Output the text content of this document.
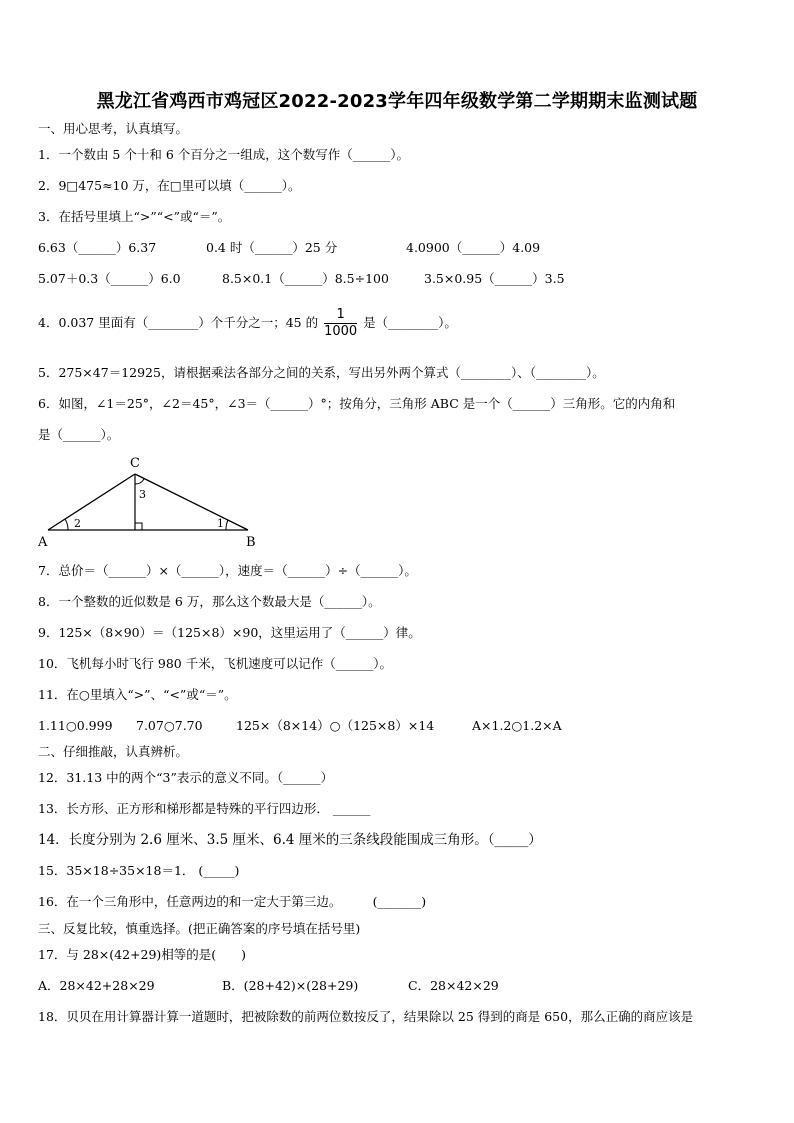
黑龙江省鸡西市鸡冠区2022-2023学年四年级数学第二学期期末监测试题
一、用心思考，认真填写。
1．一个数由 5 个十和 6 个百分之一组成，这个数写作（______）。
2．9□475≈10 万，在□里可以填（______）。
3．在括号里填上“>”“<”或“＝”。
6.63（______）6.37	0.4 时（______）25 分	4.0900（______）4.09
5.07＋0.3（______）6.0	8.5×0.1（______）8.5÷100	3.5×0.95（______）3.5
4．0.037 里面有（________）个千分之一；45 的 $\frac{1}{1000}$ 是（________）。
5．275×47＝12925，请根据乘法各部分之间的关系，写出另外两个算式（________）、（________）。
6．如图，∠1＝25°，∠2＝45°，∠3＝（______）°；按角分，三角形 ABC 是一个（______）三角形。它的内角和
是（______）。
C
A	B
2
3
1
7．总价＝（______）×（______），速度＝（______）÷（______）。
8．一个整数的近似数是 6 万，那么这个数最大是（______）。
9．125×（8×90）＝（125×8）×90，这里运用了（______）律。
10．飞机每小时飞行 980 千米，飞机速度可以记作（______）。
11．在○里填入“>”、“<”或“＝”。
1.11○0.999 7.07○7.70	125×（8×14）○（125×8）×14	A×1.2○1.2×A
二、仔细推敲，认真辨析。
12．31.13 中的两个“3”表示的意义不同。（______）
13．长方形、正方形和梯形都是特殊的平行四边形． ______
14．长度分别为 2.6 厘米、3.5 厘米、6.4 厘米的三条线段能围成三角形。（_____）
15．35×18÷35×18＝1． (_____)
16．在一个三角形中，任意两边的和一定大于第三边。　　　(_______)
三、反复比较，慎重选择。(把正确答案的序号填在括号里)
17．与 28×(42+29)相等的是(　　)
A．28×42+28×29	B．(28+42)×(28+29)	C．28×42×29
18．贝贝在用计算器计算一道题时，把被除数的前两位数按反了，结果除以 25 得到的商是 650，那么正确的商应该是
